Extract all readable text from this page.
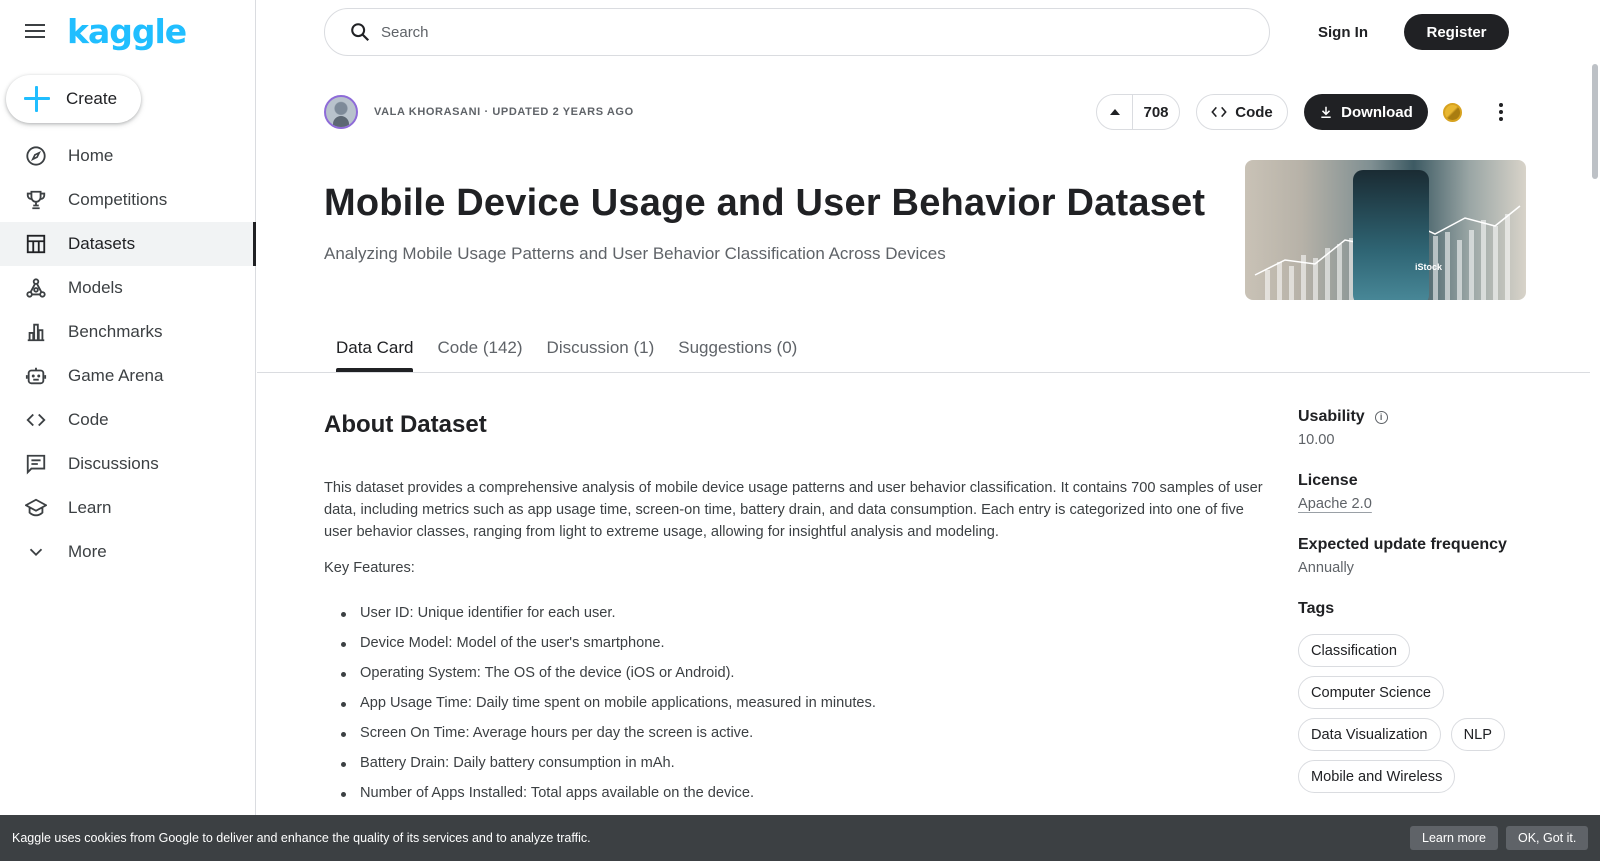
kaggle
Create
Home
Competitions
Datasets
Models
Benchmarks
Game Arena
Code
Discussions
Learn
More
Search
Sign In	Register
VALA KHORASANI · UPDATED 2 YEARS AGO	708	Code	Download
Mobile Device Usage and User Behavior Dataset

Analyzing Mobile Usage Patterns and User Behavior Classification Across Devices

iStock
Data Card	Code (142)	Discussion (1)	Suggestions (0)
About Dataset

This dataset provides a comprehensive analysis of mobile device usage patterns and user behavior classification. It contains 700 samples of user data, including metrics such as app usage time, screen-on time, battery drain, and data consumption. Each entry is categorized into one of five user behavior classes, ranging from light to extreme usage, allowing for insightful analysis and modeling.

Key Features:

User ID: Unique identifier for each user.
Device Model: Model of the user's smartphone.
Operating System: The OS of the device (iOS or Android).
App Usage Time: Daily time spent on mobile applications, measured in minutes.
Screen On Time: Average hours per day the screen is active.
Battery Drain: Daily battery consumption in mAh.
Number of Apps Installed: Total apps available on the device.
Usability	i
10.00
License
Apache 2.0
Expected update frequency
Annually
Tags
Classification
Computer Science
Data Visualization	NLP
Mobile and Wireless
Kaggle uses cookies from Google to deliver and enhance the quality of its services and to analyze traffic.	Learn more	OK, Got it.
